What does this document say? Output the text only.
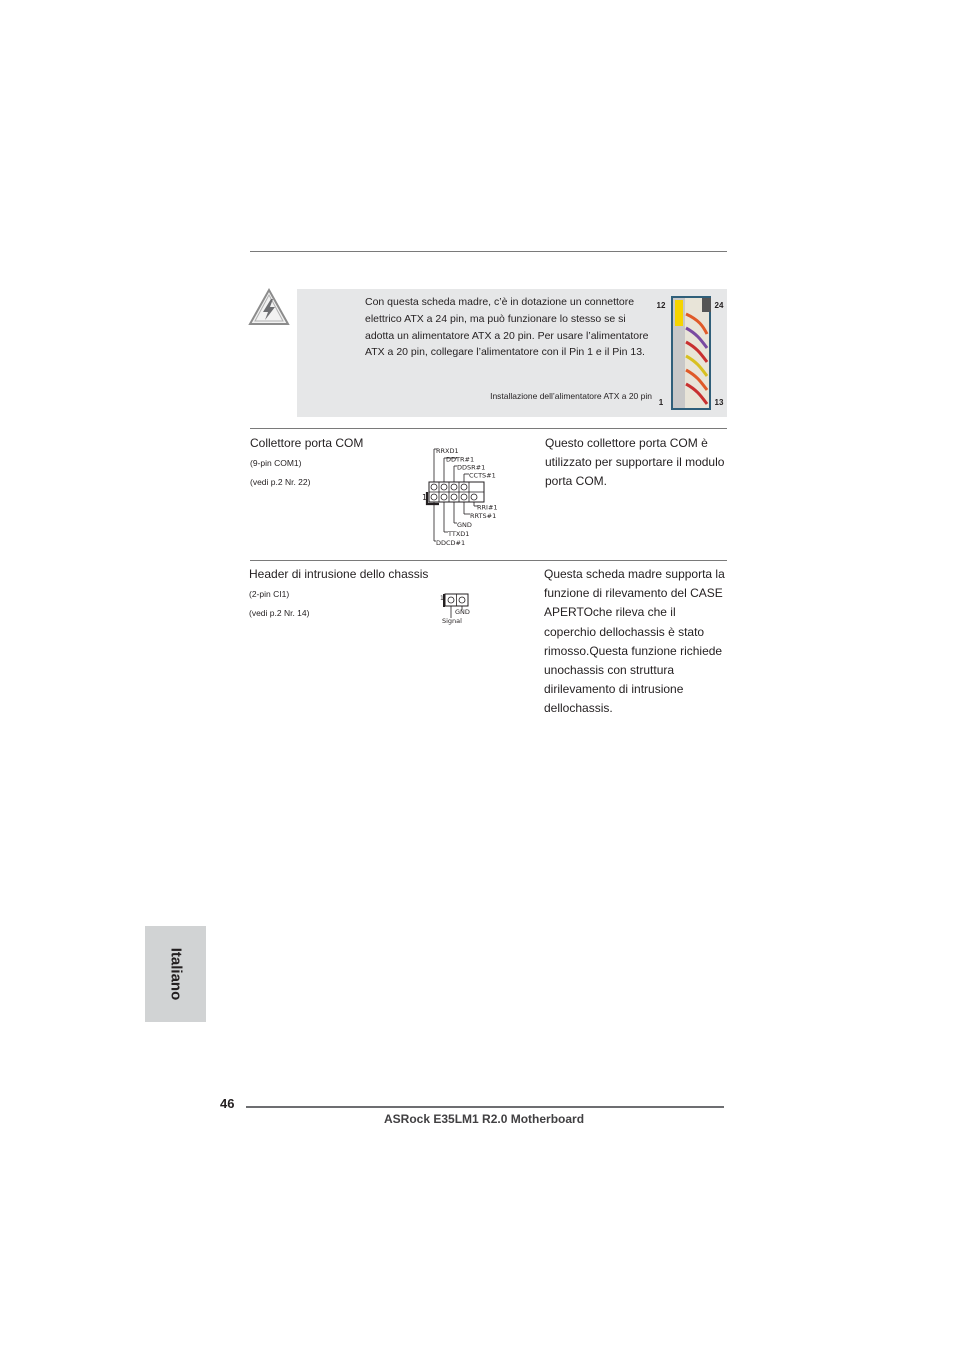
Con questa scheda madre, c’è in dotazione un connettore elettrico ATX a 24 pin, ma può funzionare lo stesso se si adotta un alimentatore ATX a 20 pin. Per usare l’alimentatore ATX a 20 pin, collegare l’alimentatore con il Pin 1 e il Pin 13.
Installazione dell’alimentatore ATX a 20 pin
12	24
1	13
Collettore porta COM
(9-pin COM1)
(vedi p.2 Nr. 22)
1
RRXD1
DDTR#1
DDSR#1
CCTS#1
RRI#1
RRTS#1
GND
TTXD1
DDCD#1
Questo collettore porta COM è utilizzato per supportare il modulo porta COM.
Header di intrusione dello chassis
(2-pin CI1)
(vedi p.2 Nr. 14)
1
GND
Signal
Questa scheda madre supporta la funzione di rilevamento del CASE APERTOche rileva che il coperchio dellochassis è stato rimosso.Questa funzione richiede unochassis con struttura dirilevamento di intrusione dellochassis.
Italiano
46
ASRock E35LM1 R2.0 Motherboard
